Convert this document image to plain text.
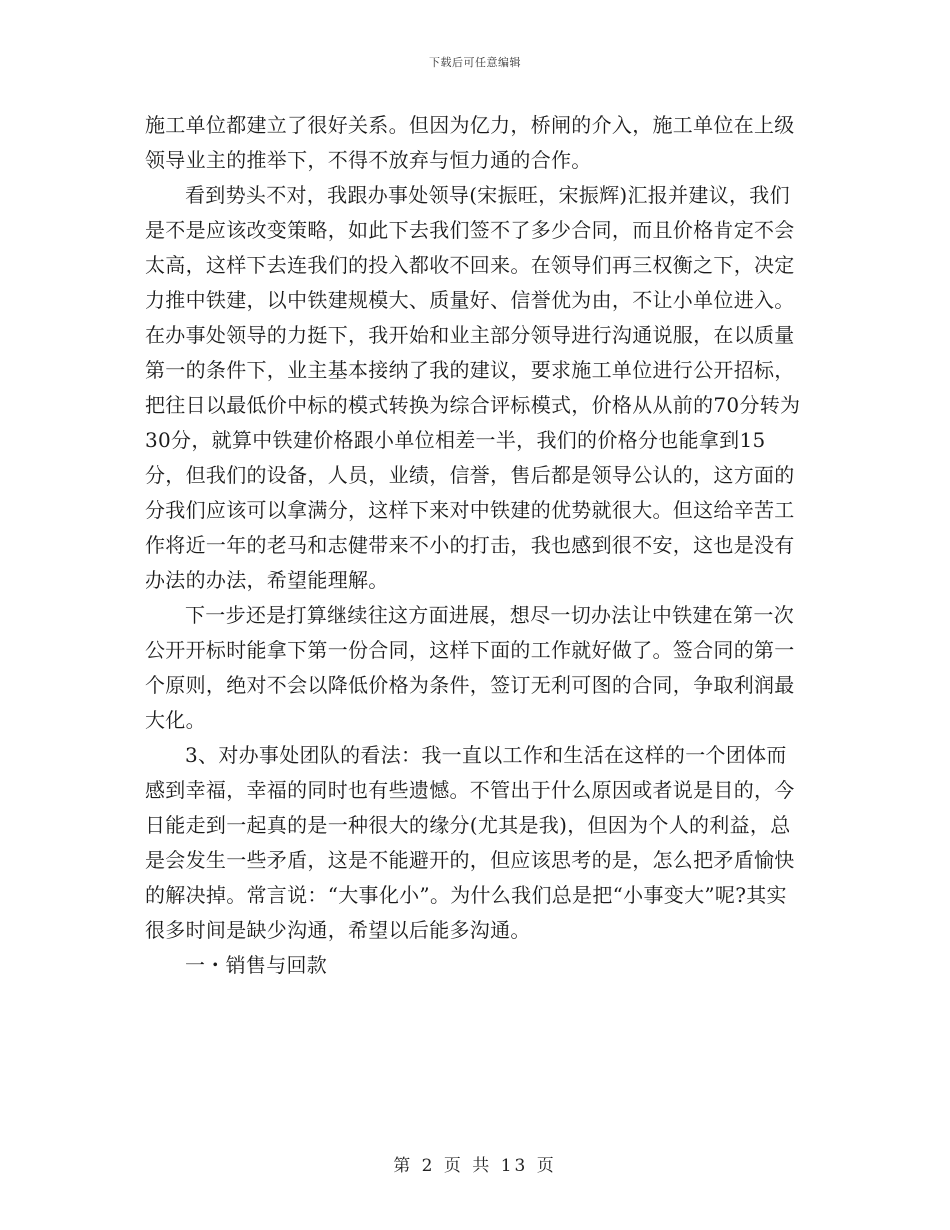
下载后可任意编辑

施工单位都建立了很好关系。但因为亿力，桥闸的介入，施工单位在上级领导业主的推举下，不得不放弃与恒力通的合作。

看到势头不对，我跟办事处领导(宋振旺，宋振辉)汇报并建议，我们是不是应该改变策略，如此下去我们签不了多少合同，而且价格肯定不会太高，这样下去连我们的投入都收不回来。在领导们再三权衡之下，决定力推中铁建，以中铁建规模大、质量好、信誉优为由，不让小单位进入。在办事处领导的力挺下，我开始和业主部分领导进行沟通说服，在以质量第一的条件下，业主基本接纳了我的建议，要求施工单位进行公开招标，把往日以最低价中标的模式转换为综合评标模式，价格从从前的70分转为30分，就算中铁建价格跟小单位相差一半，我们的价格分也能拿到15分，但我们的设备，人员，业绩，信誉，售后都是领导公认的，这方面的分我们应该可以拿满分，这样下来对中铁建的优势就很大。但这给辛苦工作将近一年的老马和志健带来不小的打击，我也感到很不安，这也是没有办法的办法，希望能理解。

下一步还是打算继续往这方面进展，想尽一切办法让中铁建在第一次公开开标时能拿下第一份合同，这样下面的工作就好做了。签合同的第一个原则，绝对不会以降低价格为条件，签订无利可图的合同，争取利润最大化。

3、对办事处团队的看法：我一直以工作和生活在这样的一个团体而感到幸福，幸福的同时也有些遗憾。不管出于什么原因或者说是目的，今日能走到一起真的是一种很大的缘分(尤其是我)，但因为个人的利益，总是会发生一些矛盾，这是不能避开的，但应该思考的是，怎么把矛盾愉快的解决掉。常言说：“大事化小”。为什么我们总是把“小事变大”呢?其实很多时间是缺少沟通，希望以后能多沟通。

一・销售与回款

第 2 页 共 13 页
